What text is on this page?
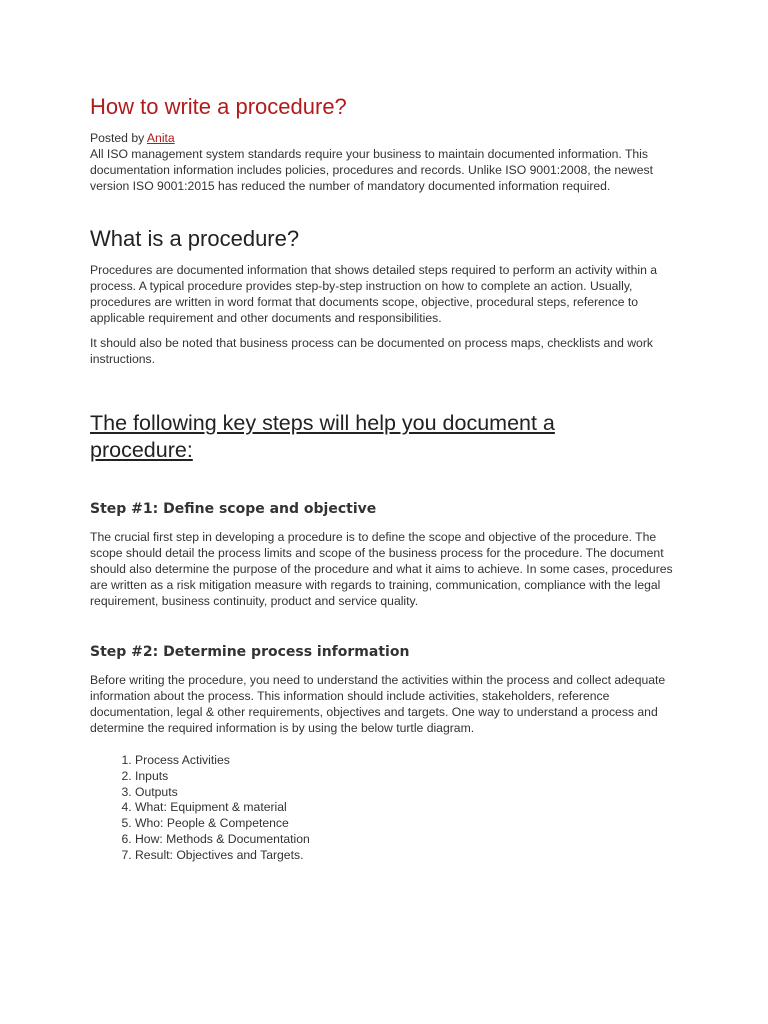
How to write a procedure?
Posted by Anita

All ISO management system standards require your business to maintain documented information. This documentation information includes policies, procedures and records. Unlike ISO 9001:2008, the newest version ISO 9001:2015 has reduced the number of mandatory documented information required.

What is a procedure?

Procedures are documented information that shows detailed steps required to perform an activity within a process. A typical procedure provides step-by-step instruction on how to complete an action. Usually, procedures are written in word format that documents scope, objective, procedural steps, reference to applicable requirement and other documents and responsibilities.

It should also be noted that business process can be documented on process maps, checklists and work instructions.

The following key steps will help you document a procedure:
Step #1: Define scope and objective

The crucial first step in developing a procedure is to define the scope and objective of the procedure. The scope should detail the process limits and scope of the business process for the procedure. The document should also determine the purpose of the procedure and what it aims to achieve. In some cases, procedures are written as a risk mitigation measure with regards to training, communication, compliance with the legal requirement, business continuity, product and service quality.

Step #2: Determine process information

Before writing the procedure, you need to understand the activities within the process and collect adequate information about the process. This information should include activities, stakeholders, reference documentation, legal & other requirements, objectives and targets. One way to understand a process and determine the required information is by using the below turtle diagram.

1. Process Activities
2. Inputs
3. Outputs
4. What: Equipment & material
5. Who: People & Competence
6. How: Methods & Documentation
7. Result: Objectives and Targets.
